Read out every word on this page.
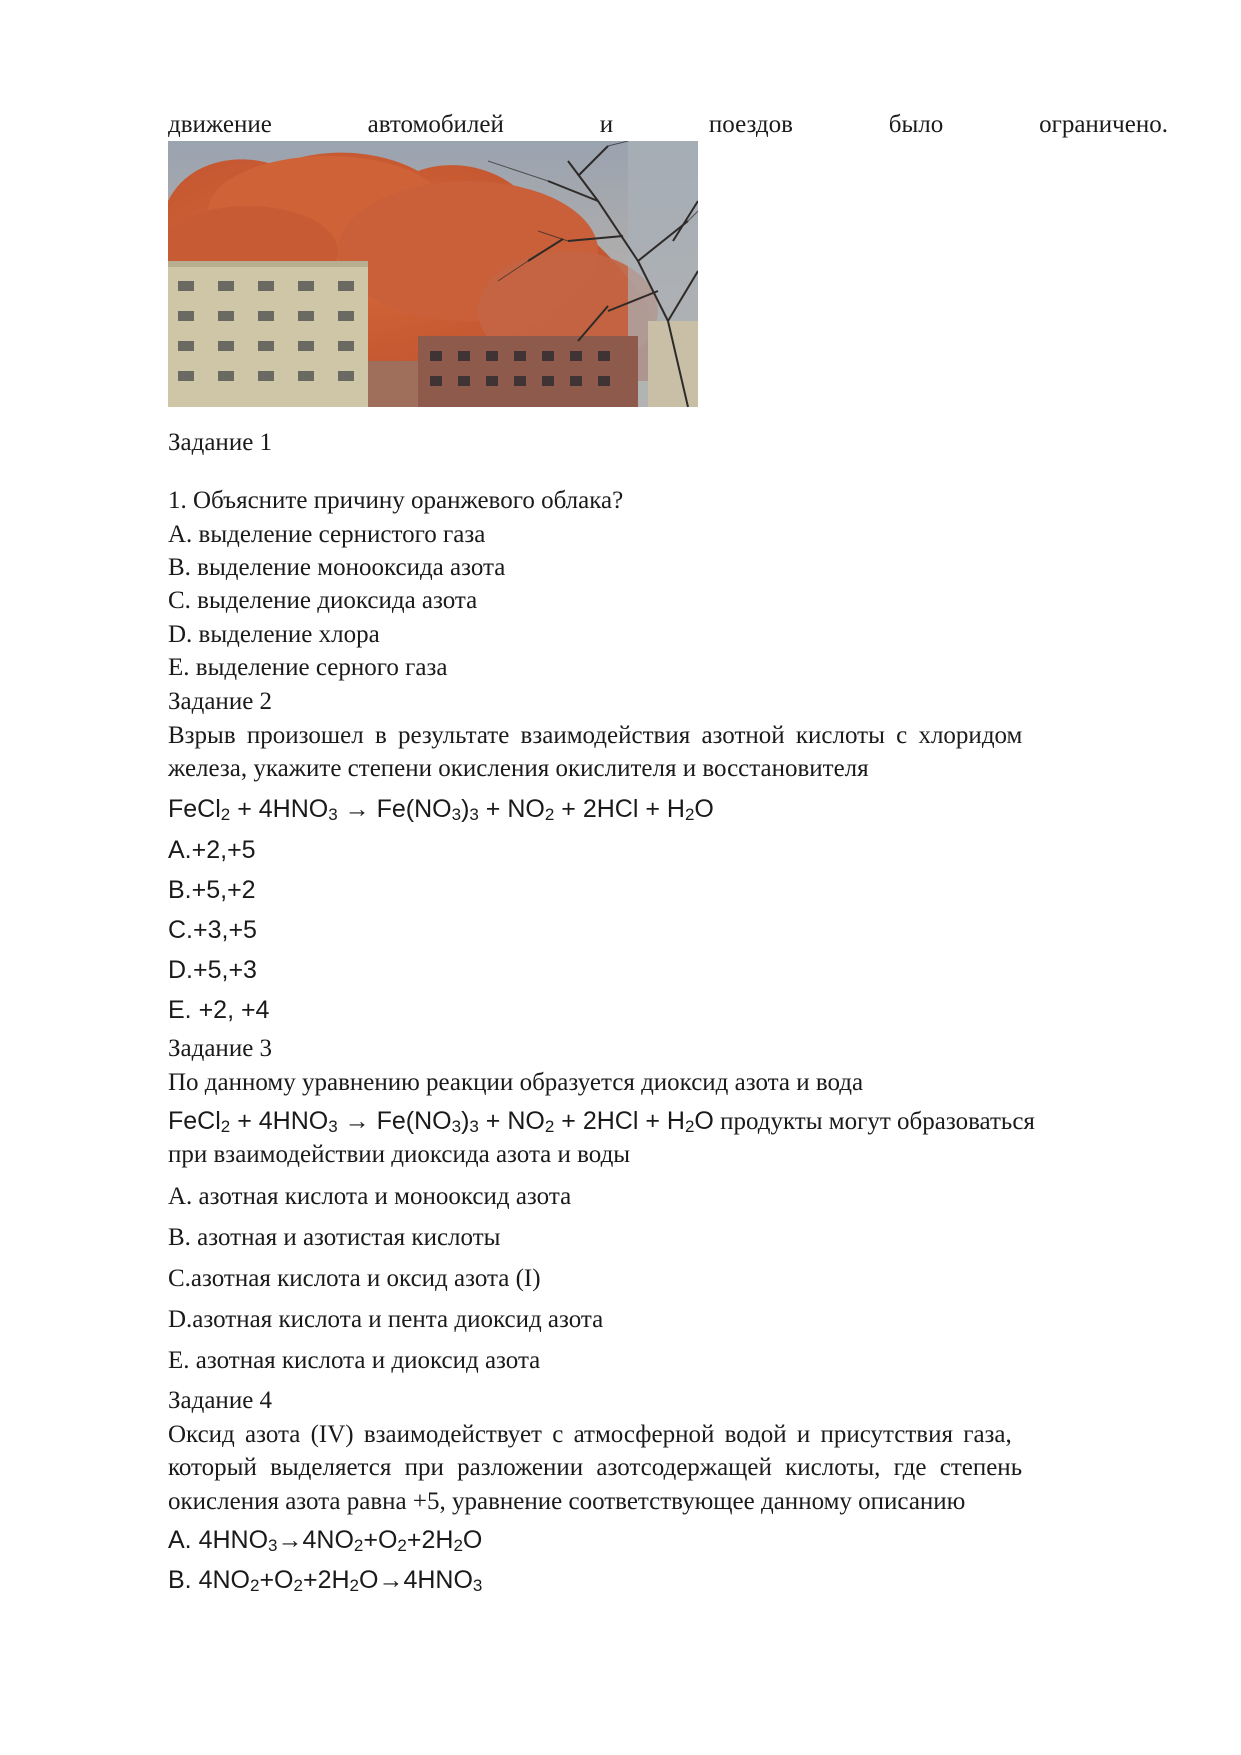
движение	автомобилей	и	поездов	было	ограничено.
Задание 1
1. Объясните причину оранжевого облака?
A. выделение сернистого газа
B. выделение монооксида азота
C. выделение диоксида азота
D. выделение хлора
E. выделение серного газа
Задание 2
Взрыв произошел в результате взаимодействия азотной кислоты с хлоридом
железа, укажите степени окисления окислителя и восстановителя
FeCl$_2$ + $4HNO_3 \to Fe(NO_3)_3 + NO_2 + 2HCl + H_2O$
A.+2,+5
B.+5,+2
C.+3,+5
D.+5,+3
E. +2, +4
Задание 3
По данному уравнению реакции образуется диоксид азота и вода
FeCl$_2$ + $4HNO_3 \to Fe(NO_3)_3 + NO_2 + 2HCl + H_2O$ продукты могут образоваться
при взаимодействии диоксида азота и воды
A. азотная кислота и монооксид азота
B. азотная и азотистая кислоты
C.азотная кислота и оксид азота (I)
D.азотная кислота и пента диоксид азота
E. азотная кислота и диоксид азота
Задание 4
Оксид азота (IV) взаимодействует с атмосферной водой и присутствия газа,
который выделяется при разложении азотсодержащей кислоты, где степень
окисления азота равна +5, уравнение соответствующее данному описанию
A. $4HNO_3\to 4NO_2+O_2+2H_2O$
B. $4NO_2+O_2+2H_2O\to 4HNO_3$
